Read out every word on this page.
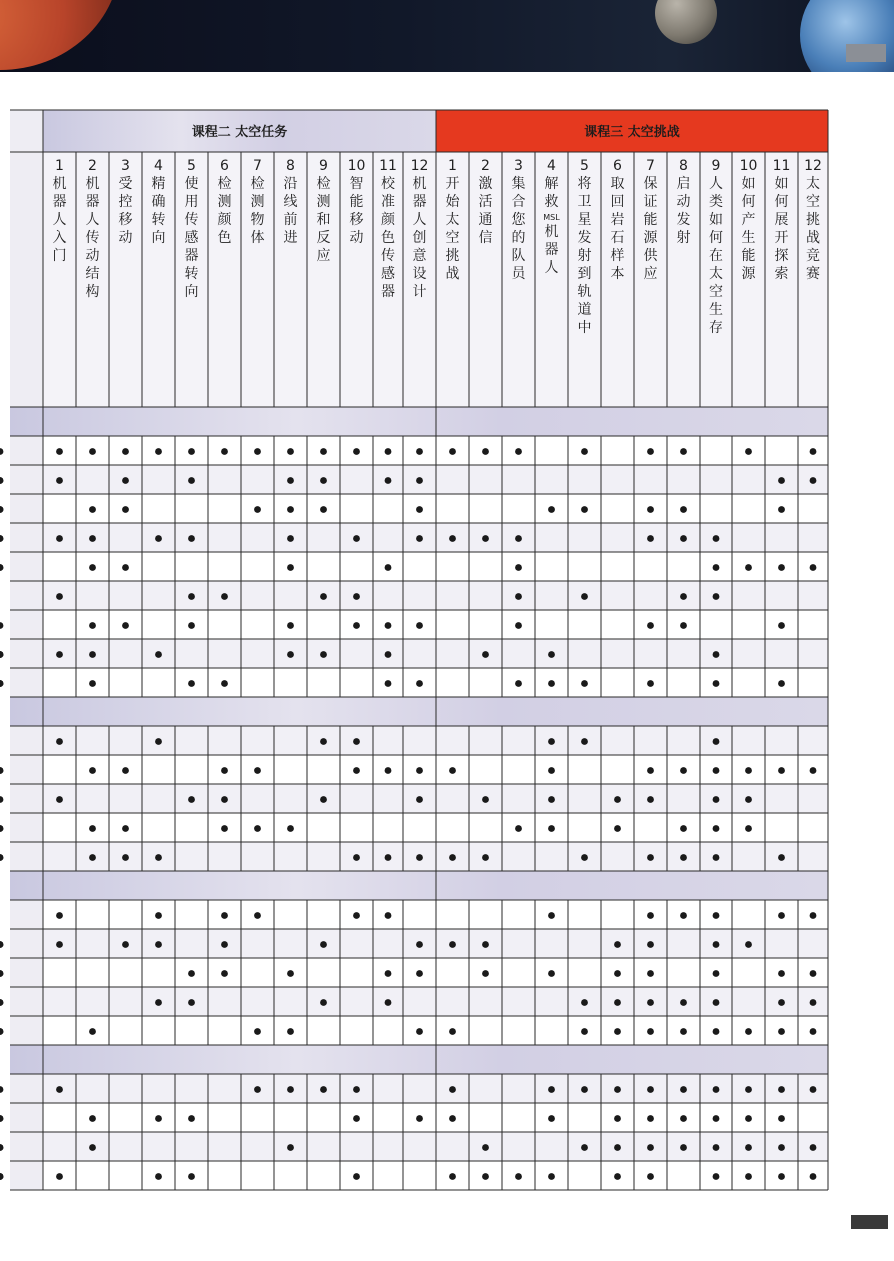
课程二 太空任务	课程三 太空挑战
1
机
器
人
入
门
2
机
器
人
传
动
结
构
3
受
控
移
动
4
精
确
转
向
5
使
用
传
感
器
转
向
6
检
测
颜
色
7
检
测
物
体
8
沿
线
前
进
9
检
测
和
反
应
10
智
能
移
动
11
校
准
颜
色
传
感
器
12
机
器
人
创
意
设
计
1
开
始
太
空
挑
战
2
激
活
通
信
3
集
合
您
的
队
员
4
解
救
MSL
机
器
人
5
将
卫
星
发
射
到
轨
道
中
6
取
回
岩
石
样
本
7
保
证
能
源
供
应
8
启
动
发
射
9
人
类
如
何
在
太
空
生
存
10
如
何
产
生
能
源
11
如
何
展
开
探
索
12
太
空
挑
战
竞
赛
